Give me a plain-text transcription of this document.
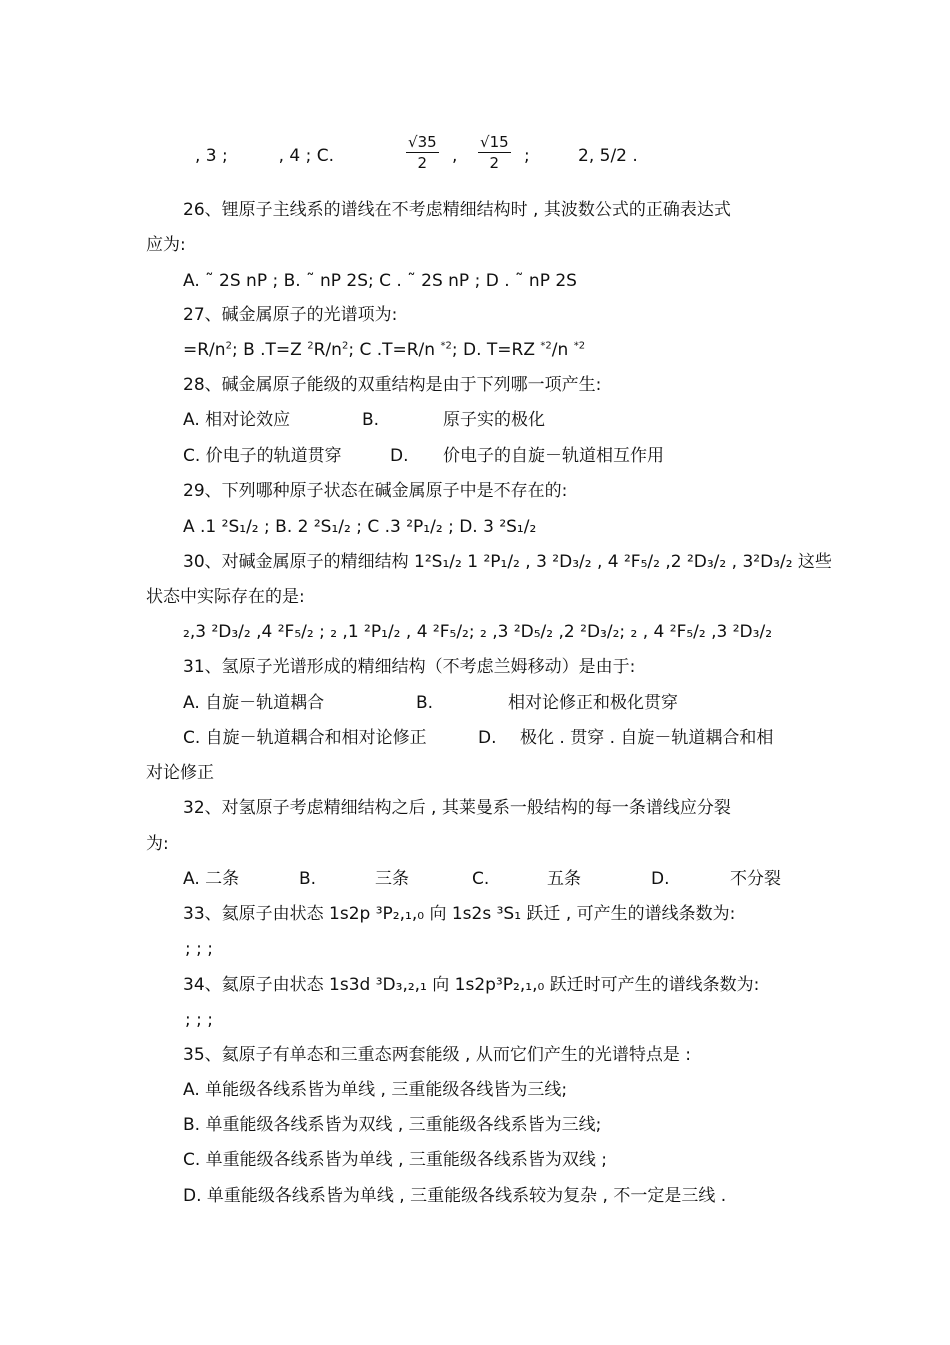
, 3 ;	, 4 ; C.	$\frac{√35}{2}$ , $\frac{√15}{2}$ ;	2, 5/2 .
26、锂原子主线系的谱线在不考虑精细结构时 , 其波数公式的正确表达式
应为:
A. ˜ 2S nP ; B. ˜ nP 2S; C . ˜ 2S nP ; D . ˜ nP 2S
27、碱金属原子的光谱项为:
$=R/n^2$; B .T=Z $^2R/n^2$; C .T=R/n $^{*2}$; D. T=RZ $^{*2}$/n $^{*2}$
28、碱金属原子能级的双重结构是由于下列哪一项产生:
A. 相对论效应	B.	原子实的极化
C. 价电子的轨道贯穿	D. 价电子的自旋－轨道相互作用
29、下列哪种原子状态在碱金属原子中是不存在的:
A .1 ²S₁/₂ ; B. 2 ²S₁/₂ ; C .3 ²P₁/₂ ; D. 3 ²S₁/₂
30、对碱金属原子的精细结构 1²S₁/₂ 1 ²P₁/₂ , 3 ²D₃/₂ , 4 ²F₅/₂ ,2 ²D₃/₂ , 3²D₃/₂ 这些
状态中实际存在的是:
₂,3 ²D₃/₂ ,4 ²F₅/₂ ; ₂ ,1 ²P₁/₂ , 4 ²F₅/₂; ₂ ,3 ²D₅/₂ ,2 ²D₃/₂; ₂ , 4 ²F₅/₂ ,3 ²D₃/₂
31、氢原子光谱形成的精细结构（不考虑兰姆移动）是由于:
A. 自旋－轨道耦合	B.	相对论修正和极化贯穿
C. 自旋－轨道耦合和相对论修正	D. 极化 . 贯穿 . 自旋－轨道耦合和相
对论修正
32、对氢原子考虑精细结构之后 , 其莱曼系一般结构的每一条谱线应分裂
为:
A. 二条	B.	三条	C.	五条	D.	不分裂
33、氦原子由状态 1s2p ³P₂,₁,₀ 向 1s2s ³S₁ 跃迁 , 可产生的谱线条数为:
; ; ;
34、氦原子由状态 1s3d ³D₃,₂,₁ 向 1s2p³P₂,₁,₀ 跃迁时可产生的谱线条数为:
; ; ;
35、氦原子有单态和三重态两套能级 , 从而它们产生的光谱特点是 :
A. 单能级各线系皆为单线 , 三重能级各线皆为三线;
B. 单重能级各线系皆为双线 , 三重能级各线系皆为三线;
C. 单重能级各线系皆为单线 , 三重能级各线系皆为双线 ;
D. 单重能级各线系皆为单线 , 三重能级各线系较为复杂 , 不一定是三线 .
